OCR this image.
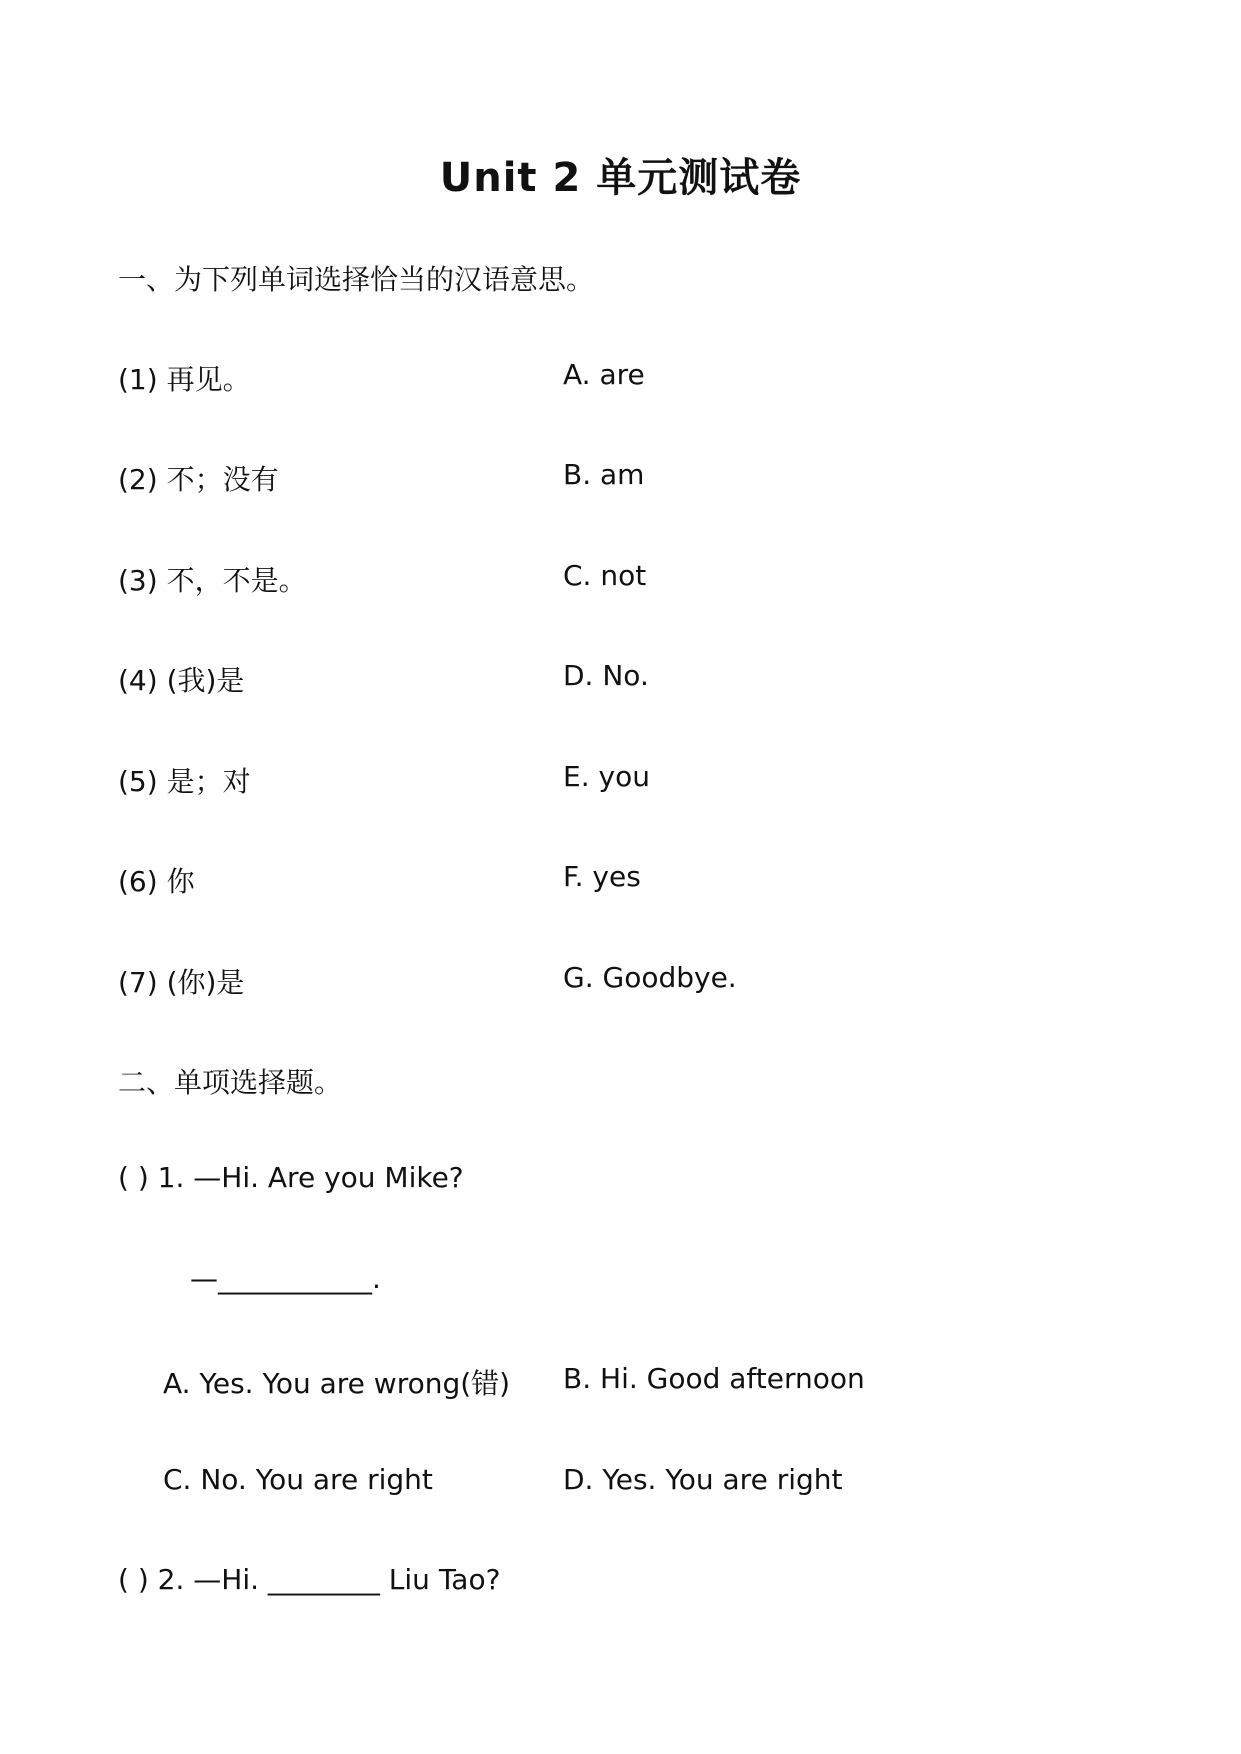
Unit 2 单元测试卷
一、为下列单词选择恰当的汉语意思。
(1) 再见。	A. are
(2) 不；没有	B. am
(3) 不，不是。	C. not
(4) (我)是	D. No.
(5) 是；对	E. you
(6) 你	F. yes
(7) (你)是	G. Goodbye.
二、单项选择题。
( ) 1. —Hi. Are you Mike?
—___________.
A. Yes. You are wrong(错) B. Hi. Good afternoon
C. No. You are right	D. Yes. You are right
( ) 2. —Hi. ________ Liu Tao?
